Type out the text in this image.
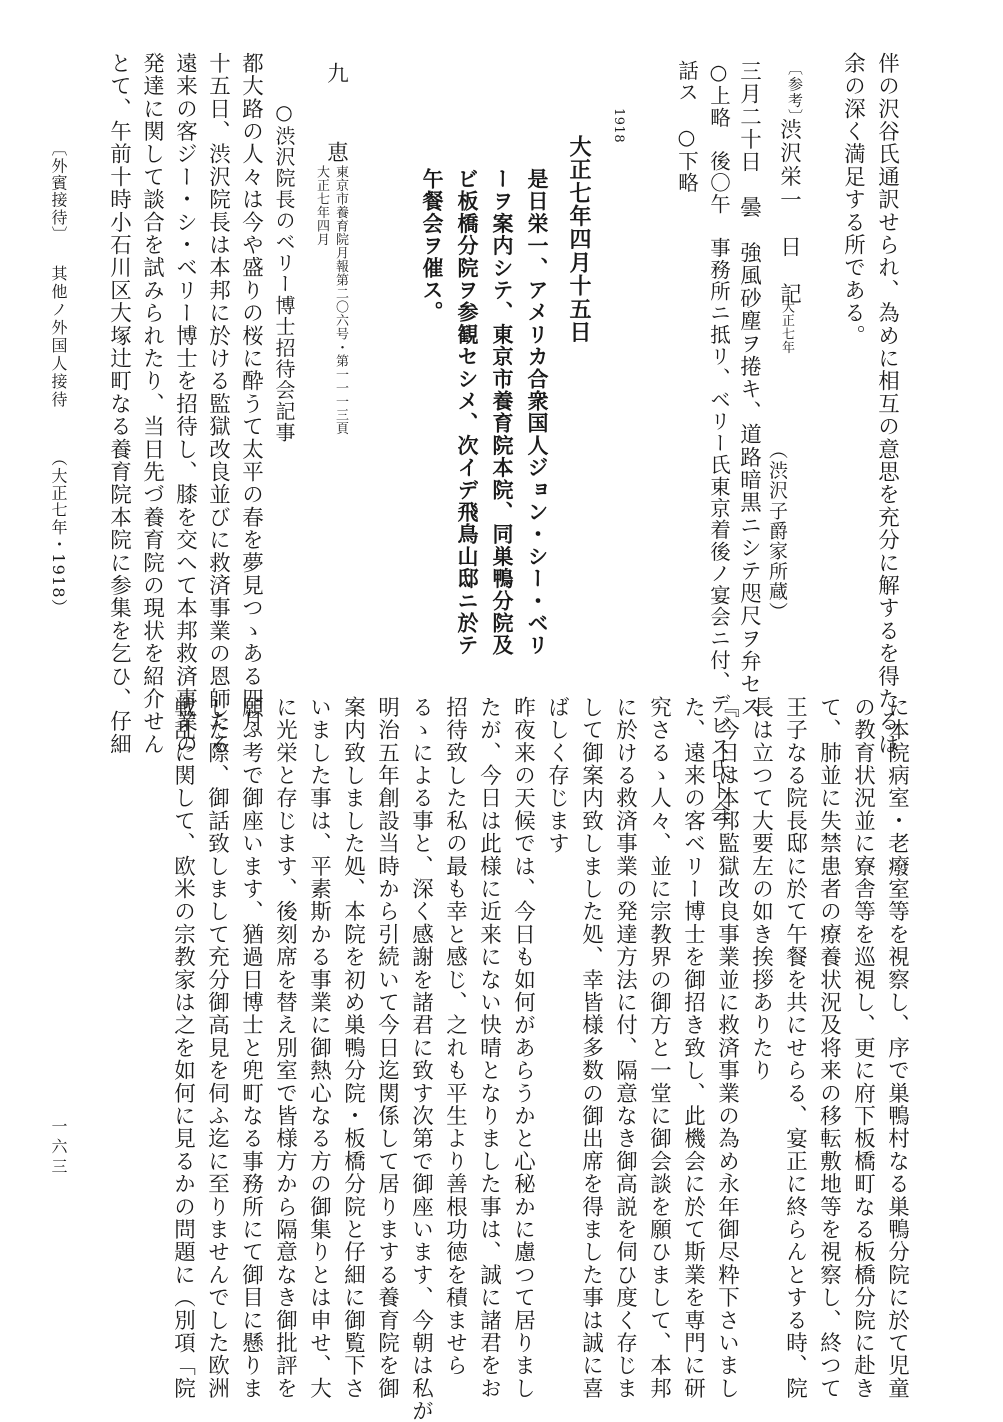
伴の沢谷氏通訳せられ、為めに相互の意思を充分に解するを得たるは
余の深く満足する所である。
〔参考〕
渋沢栄一　日　記
大正七年
（渋沢子爵家所蔵）
三月二十日　曇　強風砂塵ヲ捲キ、道路暗黒ニシテ咫尺ヲ弁セス
○上略　後〇午　事務所ニ抵リ、ベリー氏東京着後ノ宴会ニ付、デビス氏ト会
話ス　○下略
1918
大正七年四月十五日
是日栄一、アメリカ合衆国人ジョン・シー・ベリ
ーヲ案内シテ、東京市養育院本院、同巣鴨分院及
ビ板橋分院ヲ参観セシメ、次イデ飛鳥山邸ニ於テ
午餐会ヲ催ス。
九　恵
東京市養育院月報第二〇六号・第一一一三頁
大正七年四月
○渋沢院長のベリー博士招待会記事
都大路の人々は今や盛りの桜に酔うて太平の春を夢見つゝある四月
十五日、渋沢院長は本邦に於ける監獄改良並びに救済事業の恩師たる
遠来の客ジー・シ・ベリー博士を招待し、膝を交へて本邦救済事業の
発達に関して談合を試みられたり、当日先づ養育院の現状を紹介せん
とて、午前十時小石川区大塚辻町なる養育院本院に参集を乞ひ、仔細
〔外賓接待〕
其他ノ外国人接待
（大正七年・1918）
に本院病室・老癈室等を視察し、序で巣鴨村なる巣鴨分院に於て児童
の教育状況並に寮舎等を巡視し、更に府下板橋町なる板橋分院に赴き
て、肺並に失禁患者の療養状況及将来の移転敷地等を視察し、終つて
王子なる院長邸に於て午餐を共にせらる、宴正に終らんとする時、院
長は立つて大要左の如き挨拶ありたり
『今日は本邦監獄改良事業並に救済事業の為め永年御尽粋下さいまし
た、遠来の客ベリー博士を御招き致し、此機会に於て斯業を専門に研
究さるゝ人々、並に宗教界の御方と一堂に御会談を願ひまして、本邦
に於ける救済事業の発達方法に付、隔意なき御高説を伺ひ度く存じま
して御案内致しました処、幸皆様多数の御出席を得ました事は誠に喜
ばしく存じます
昨夜来の天候では、今日も如何があらうかと心秘かに慮つて居りまし
たが、今日は此様に近来にない快晴となりました事は、誠に諸君をお
招待致した私の最も幸と感じ、之れも平生より善根功徳を積ませら
るゝによる事と、深く感謝を諸君に致す次第で御座います、今朝は私が
明治五年創設当時から引続いて今日迄関係して居りまする養育院を御
案内致しました処、本院を初め巣鴨分院・板橋分院と仔細に御覧下さ
いました事は、平素斯かる事業に御熱心なる方の御集りとは申せ、大
に光栄と存じます、後刻席を替え別室で皆様方から隔意なき御批評を
願ふ考で御座います、猶過日博士と兜町なる事務所にて御目に懸りま
した際、御話致しまして充分御高見を伺ふ迄に至りませんでした欧洲
戦乱に関して、欧米の宗教家は之を如何に見るかの問題に（別項「院
一六三
